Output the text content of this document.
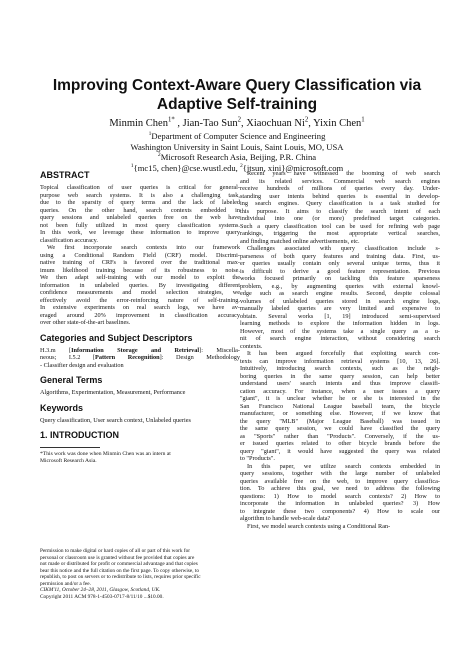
Improving Context-Aware Query Classification via
Adaptive Self-training
Minmin Chen$^{1*}$ , Jian-Tao Sun$^2$, Xiaochuan Ni$^2$, Yixin Chen$^1$
$^1$Department of Computer Science and Engineering
Washington University in Saint Louis, Saint Louis, MO, USA
$^2$Microsoft Research Asia, Beijing, P.R. China
$^1${mc15, chen}@cse.wustl.edu, $^2${jtsun, xini}@microsoft.com
ABSTRACT
Topical classification of user queries is critical for general-
purpose web search systems. It is also a challenging task,
due to the sparsity of query terms and the lack of labeled
queries. On the other hand, search contexts embedded in
query sessions and unlabeled queries free on the web have
not been fully utilized in most query classification systems.
In this work, we leverage these information to improve query
classification accuracy.
We first incorporate search contexts into our framework
using a Conditional Random Field (CRF) model. Discrimi-
native training of CRFs is favored over the traditional max-
imum likelihood training because of its robustness to noise.
We then adapt self-training with our model to exploit the
information in unlabeled queries. By investigating different
confidence measurements and model selection strategies, we
effectively avoid the error-reinforcing nature of self-training.
In extensive experiments on real search logs, we have av-
eraged around 20% improvement in classification accuracy
over other state-of-the-art baselines.
Categories and Subject Descriptors
H.3.m [Information Storage and Retrieval]: Miscella-
neous; I.5.2 [Pattern Recognition]: Design Methodology
- Classifier design and evaluation
General Terms
Algorithms, Experimentation, Measurement, Performance
Keywords
Query classification, User search context, Unlabeled queries
1. INTRODUCTION
*This work was done when Minmin Chen was an intern at
Microsoft Research Asia.
Permission to make digital or hard copies of all or part of this work for
personal or classroom use is granted without fee provided that copies are
not made or distributed for profit or commercial advantage and that copies
bear this notice and the full citation on the first page. To copy otherwise, to
republish, to post on servers or to redistribute to lists, requires prior specific
permission and/or a fee.
CIKM'11, October 24–28, 2011, Glasgow, Scotland, UK.
Copyright 2011 ACM 978-1-4503-0717-8/11/10 ...$10.00.
Recent years have witnessed the booming of web search
and its related services. Commercial web search engines
receive hundreds of millions of queries every day. Under-
standing user intents behind queries is essential in develop-
ing search engines. Query classification is a task studied for
this purpose. It aims to classify the search intent of each
individual into one (or more) predefined target categories.
Such a query classification tool can be used for refining web page
rankings, triggering the most appropriate vertical searches,
and finding matched online advertisements, etc.
Challenges associated with query classification include s-
parseness of both query features and training data. First, us-
er queries usually contain only several unique terms, thus it
is difficult to derive a good feature representation. Previous
works focused primarily on tackling this feature sparseness
problem, e.g., by augmenting queries with external knowl-
edge such as search engine results. Second, despite colossal
volumes of unlabeled queries stored in search engine logs,
manually labeled queries are very limited and expensive to
obtain. Several works [1, 19] introduced semi-supervised
learning methods to explore the information hidden in logs.
However, most of the systems take a single query as a u-
nit of search engine interaction, without considering search
contexts.
It has been argued forcefully that exploiting search con-
texts can improve information retrieval systems [10, 13, 26].
Intuitively, introducing search contexts, such as the neigh-
boring queries in the same query session, can help better
understand users' search intents and thus improve classifi-
cation accuracy. For instance, when a user issues a query
"giant", it is unclear whether he or she is interested in the
San Francisco National League baseball team, the bicycle
manufacturer, or something else. However, if we know that
the query "MLB" (Major League Baseball) was issued in
the same query session, we could have classified the query
as "Sports" rather than "Products". Conversely, if the us-
er issued queries related to other bicycle brands before the
query "giant", it would have suggested the query was related
to "Products".
In this paper, we utilize search contexts embedded in
query sessions, together with the large number of unlabeled
queries available free on the web, to improve query classifica-
tion. To achieve this goal, we need to address the following
questions: 1) How to model search contexts? 2) How to
incorporate the information in unlabeled queries? 3) How
to integrate these two components? 4) How to scale our
algorithm to handle web-scale data?
First, we model search contexts using a Conditional Ran-
